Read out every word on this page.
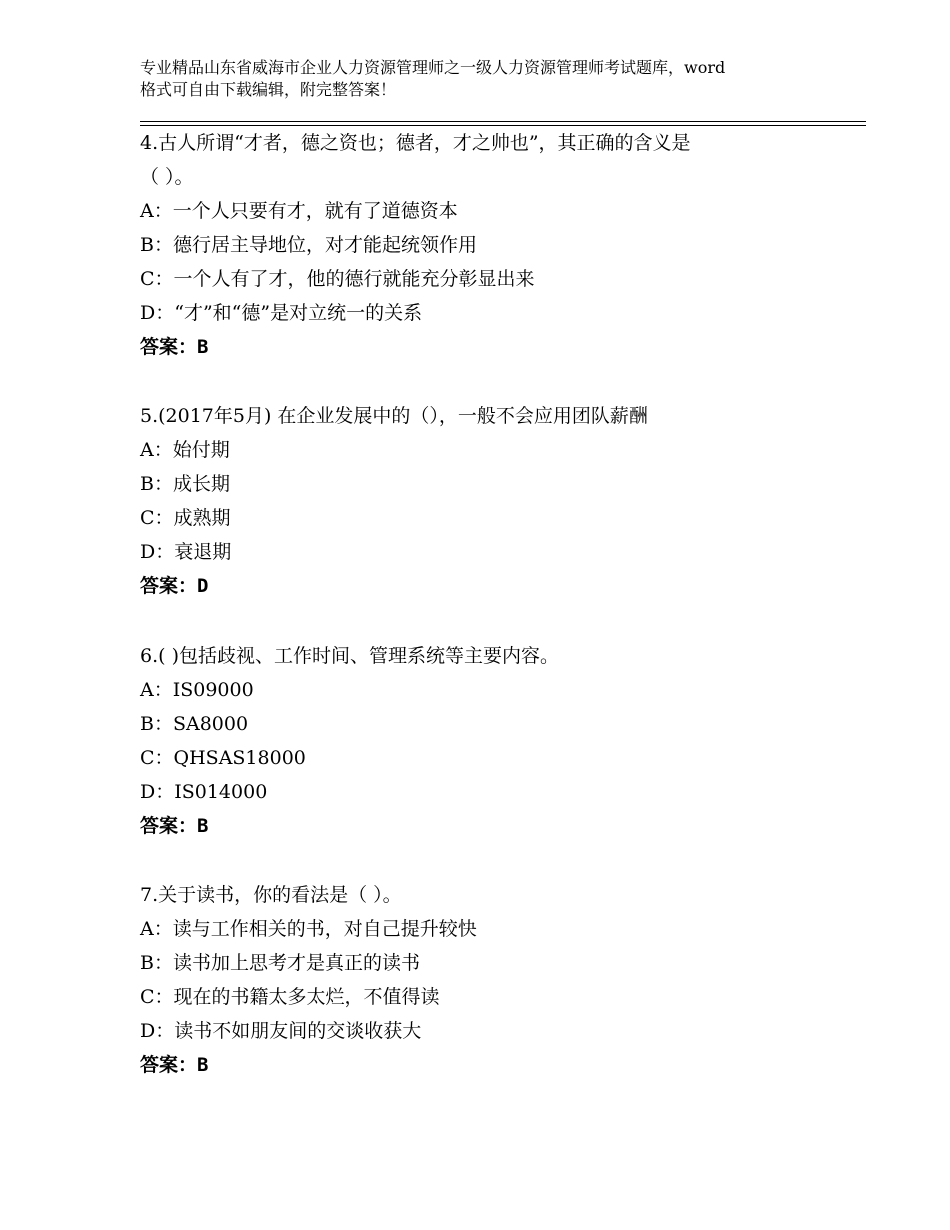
专业精品山东省威海市企业人力资源管理师之一级人力资源管理师考试题库，word
格式可自由下载编辑，附完整答案！
4.古人所谓“才者，德之资也；德者，才之帅也”，其正确的含义是
（ ）。
A：一个人只要有才，就有了道德资本
B：德行居主导地位，对才能起统领作用
C：一个人有了才，他的德行就能充分彰显出来
D：“才”和“德”是对立统一的关系
答案：B
5.(2017年5月) 在企业发展中的（），一般不会应用团队薪酬
A：始付期
B：成长期
C：成熟期
D：衰退期
答案：D
6.( )包括歧视、工作时间、管理系统等主要内容。
A：IS09000
B：SA8000
C：QHSAS18000
D：IS014000
答案：B
7.关于读书，你的看法是（ ）。
A：读与工作相关的书，对自己提升较快
B：读书加上思考才是真正的读书
C：现在的书籍太多太烂，不值得读
D：读书不如朋友间的交谈收获大
答案：B
